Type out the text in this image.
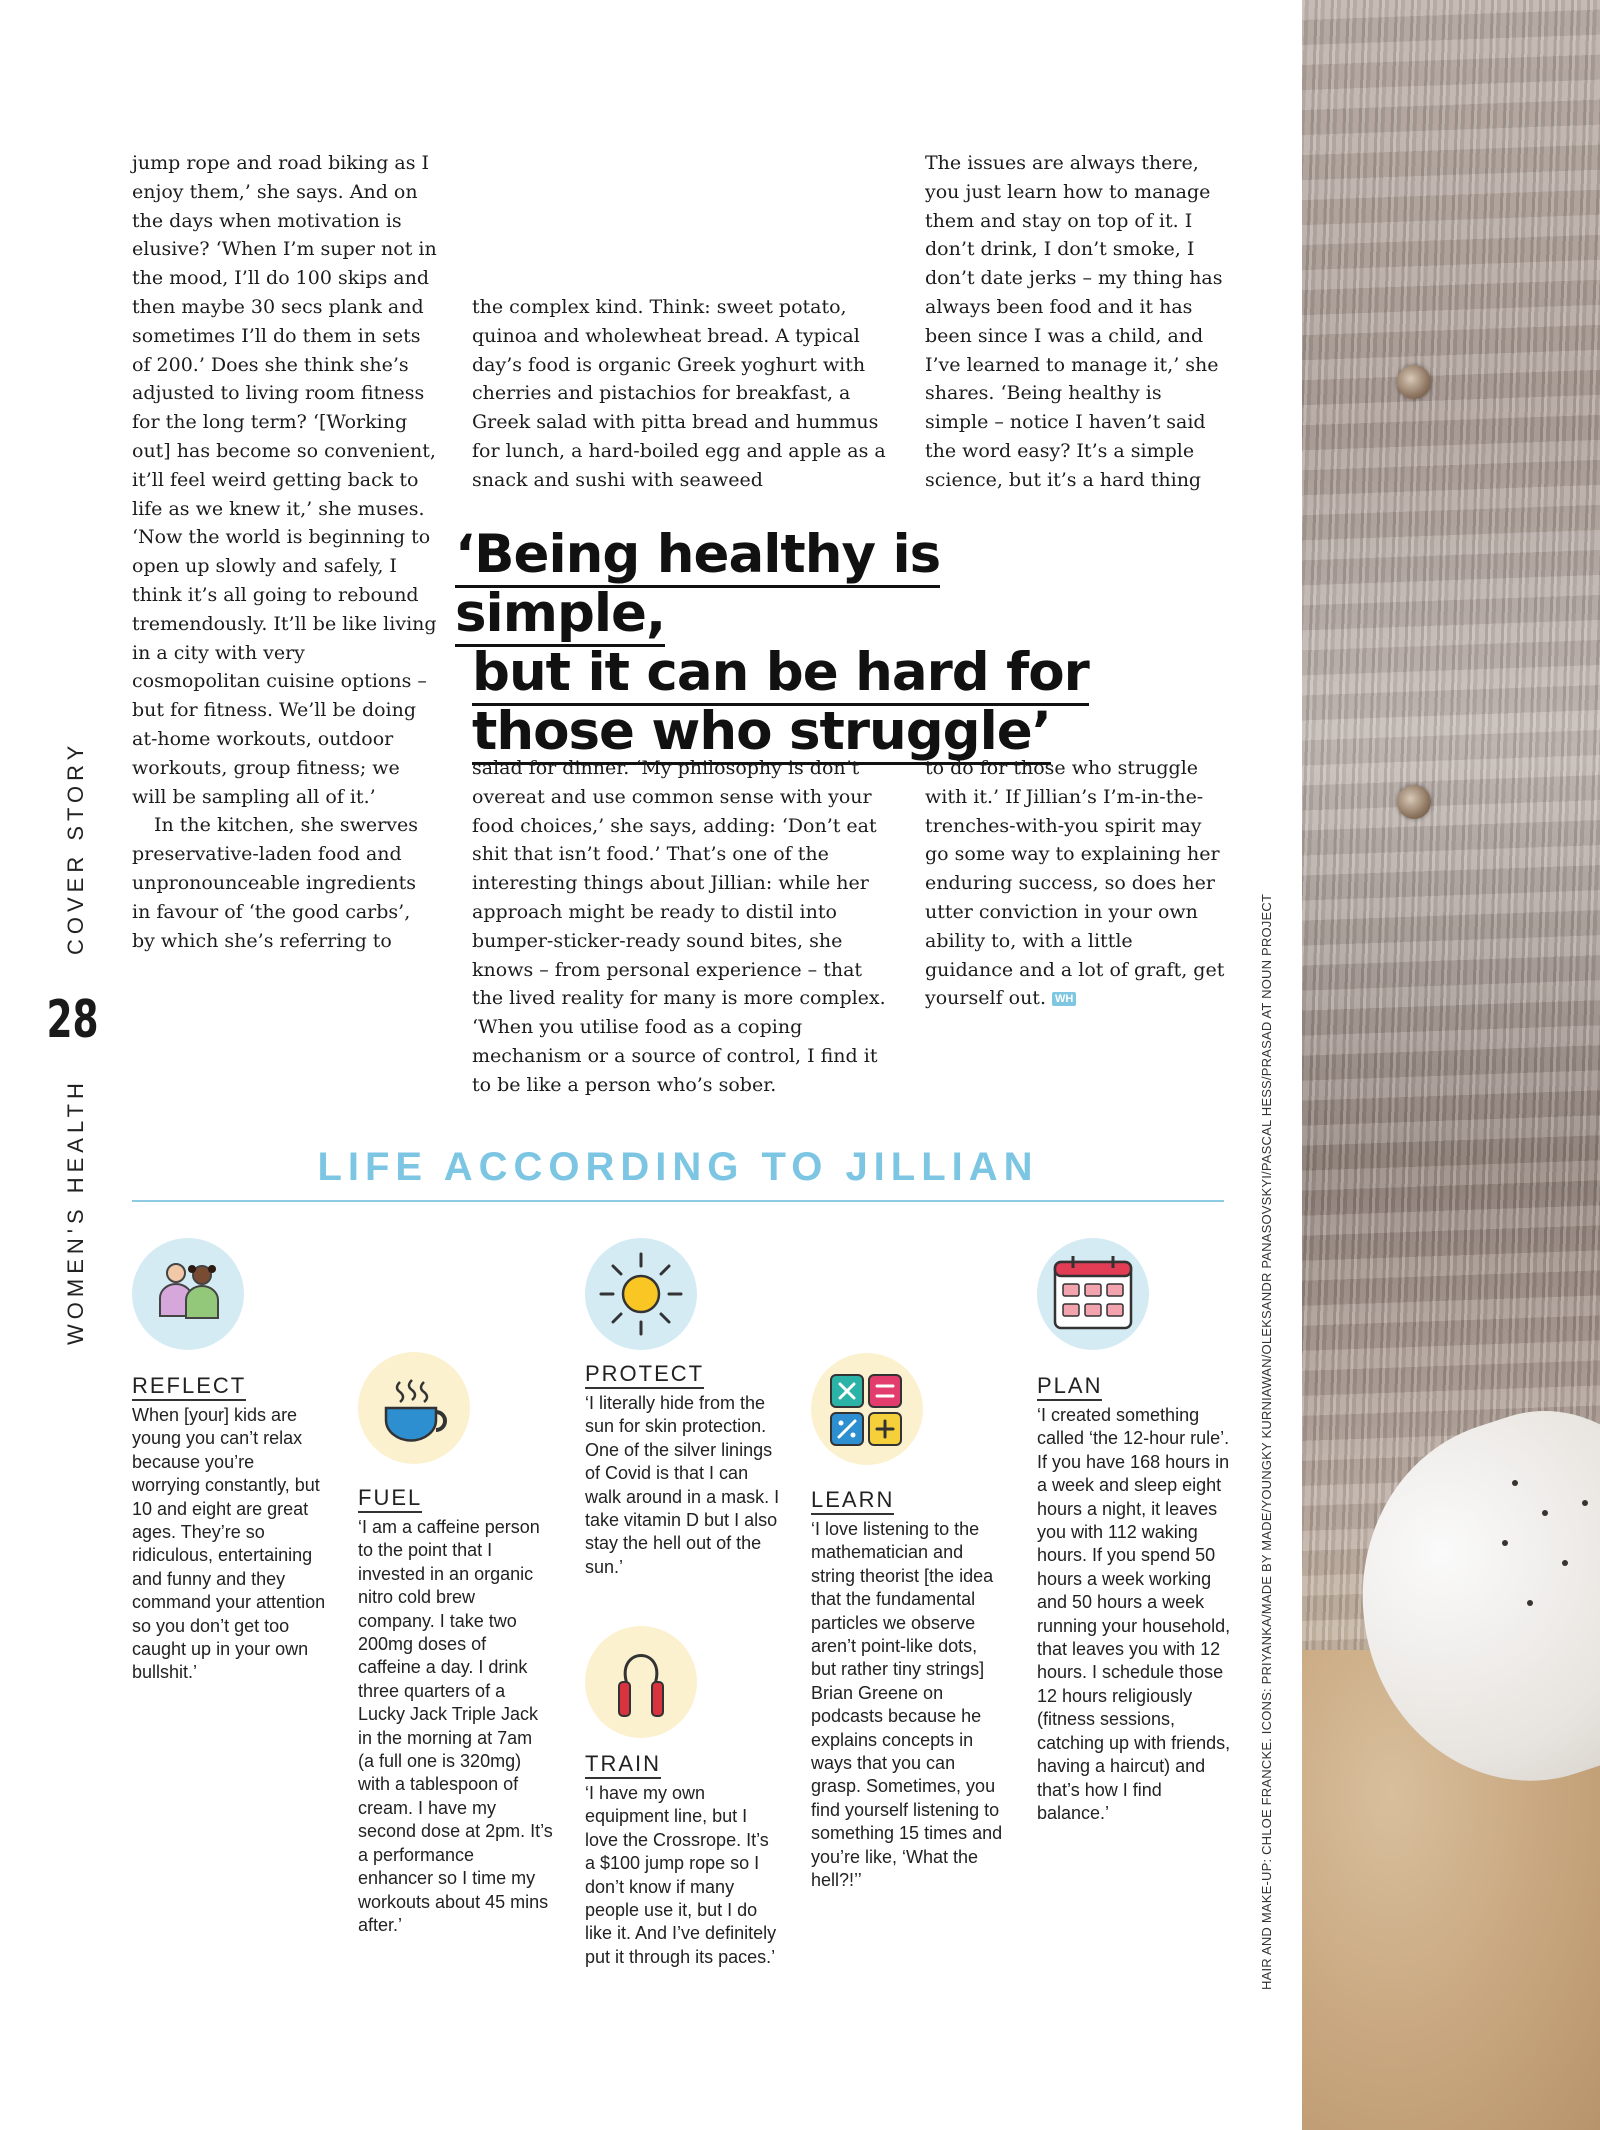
COVER STORY
28
WOMEN'S HEALTH

jump rope and road biking as I enjoy them,’ she says. And on the days when motivation is elusive? ‘When I’m super not in the mood, I’ll do 100 skips and then maybe 30 secs plank and sometimes I’ll do them in sets of 200.’ Does she think she’s adjusted to living room fitness for the long term? ‘[Working out] has become so convenient, it’ll feel weird getting back to life as we knew it,’ she muses. ‘Now the world is beginning to open up slowly and safely, I think it’s all going to rebound tremendously. It’ll be like living in a city with very cosmopolitan cuisine options – but for fitness. We’ll be doing at-home workouts, outdoor workouts, group fitness; we will be sampling all of it.’

In the kitchen, she swerves preservative-laden food and unpronounceable ingredients in favour of ‘the good carbs’, by which she’s referring to

the complex kind. Think: sweet potato, quinoa and wholewheat bread. A typical day’s food is organic Greek yoghurt with cherries and pistachios for breakfast, a Greek salad with pitta bread and hummus for lunch, a hard-boiled egg and apple as a snack and sushi with seaweed

The issues are always there, you just learn how to manage them and stay on top of it. I don’t drink, I don’t smoke, I don’t date jerks – my thing has always been food and it has been since I was a child, and I’ve learned to manage it,’ she shares. ‘Being healthy is simple – notice I haven’t said the word easy? It’s a simple science, but it’s a hard thing

‘Being healthy is simple,
but it can be hard for
those who struggle’

salad for dinner. ‘My philosophy is don’t overeat and use common sense with your food choices,’ she says, adding: ‘Don’t eat shit that isn’t food.’ That’s one of the interesting things about Jillian: while her approach might be ready to distil into bumper-sticker-ready sound bites, she knows – from personal experience – that the lived reality for many is more complex. ‘When you utilise food as a coping mechanism or a source of control, I find it to be like a person who’s sober.

to do for those who struggle with it.’ If Jillian’s I’m-in-the-trenches-with-you spirit may go some way to explaining her enduring success, so does her utter conviction in your own ability to, with a little guidance and a lot of graft, get yourself out. WH	HAIR AND MAKE-UP: CHLOE FRANCKE. ICONS: PRIYANKA/MADE BY MADE/YOUNGKY KURNIAWAN/OLEKSANDR PANASOVSKYI/PASCAL HESS/PRASAD AT NOUN PROJECT
LIFE ACCORDING TO JILLIAN
REFLECT

When [your] kids are young you can’t relax because you’re worrying constantly, but 10 and eight are great ages. They’re so ridiculous, entertaining and funny and they command your attention so you don’t get too caught up in your own bullshit.’

FUEL

‘I am a caffeine person to the point that I invested in an organic nitro cold brew company. I take two 200mg doses of caffeine a day. I drink three quarters of a Lucky Jack Triple Jack in the morning at 7am (a full one is 320mg) with a tablespoon of cream. I have my second dose at 2pm. It’s a performance enhancer so I time my workouts about 45 mins after.’

PROTECT

‘I literally hide from the sun for skin protection. One of the silver linings of Covid is that I can walk around in a mask. I take vitamin D but I also stay the hell out of the sun.’

TRAIN

‘I have my own equipment line, but I love the Crossrope. It’s a $100 jump rope so I don’t know if many people use it, but I do like it. And I’ve definitely put it through its paces.’

LEARN

‘I love listening to the mathematician and string theorist [the idea that the fundamental particles we observe aren’t point-like dots, but rather tiny strings] Brian Greene on podcasts because he explains concepts in ways that you can grasp. Sometimes, you find yourself listening to something 15 times and you’re like, ‘What the hell?!’’

PLAN

‘I created something called ‘the 12-hour rule’. If you have 168 hours in a week and sleep eight hours a night, it leaves you with 112 waking hours. If you spend 50 hours a week working and 50 hours a week running your household, that leaves you with 12 hours. I schedule those 12 hours religiously (fitness sessions, catching up with friends, having a haircut) and that’s how I find balance.’
